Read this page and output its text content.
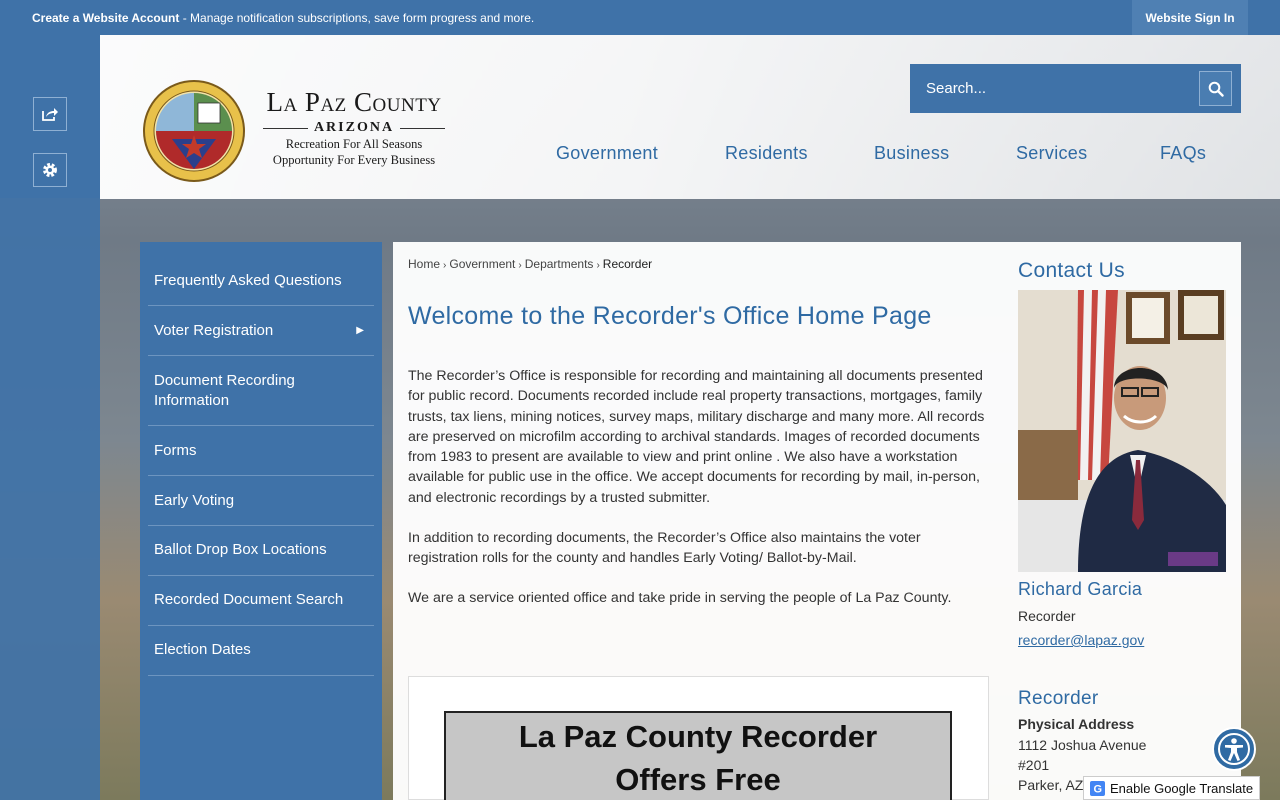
Create a Website Account - Manage notification subscriptions, save form progress and more.	Website Sign In
La Paz County
ARIZONA
Recreation For All Seasons
Opportunity For Every Business
Search...	Government	Residents	Business	Services	FAQs
Frequently Asked Questions
Voter Registration	▶
Document Recording Information
Forms
Early Voting
Ballot Drop Box Locations
Recorded Document Search
Election Dates
Home › Government › Departments › Recorder
Welcome to the Recorder's Office Home Page

The Recorder’s Office is responsible for recording and maintaining all documents presented for public record. Documents recorded include real property transactions, mortgages, family trusts, tax liens, mining notices, survey maps, military discharge and many more. All records are preserved on microfilm according to archival standards. Images of recorded documents from 1983 to present are available to view and print online . We also have a workstation available for public use in the office. We accept documents for recording by mail, in-person, and electronic recordings by a trusted submitter.

In addition to recording documents, the Recorder’s Office also maintains the voter registration rolls for the county and handles Early Voting/ Ballot-by-Mail.

We are a service oriented office and take pride in serving the people of La Paz County.

La Paz County Recorder
Offers Free
Contact Us
Richard Garcia
Recorder
recorder@lapaz.gov
Recorder
Physical Address
1112 Joshua Avenue
#201
Parker, AZ G Enable Google Translate
